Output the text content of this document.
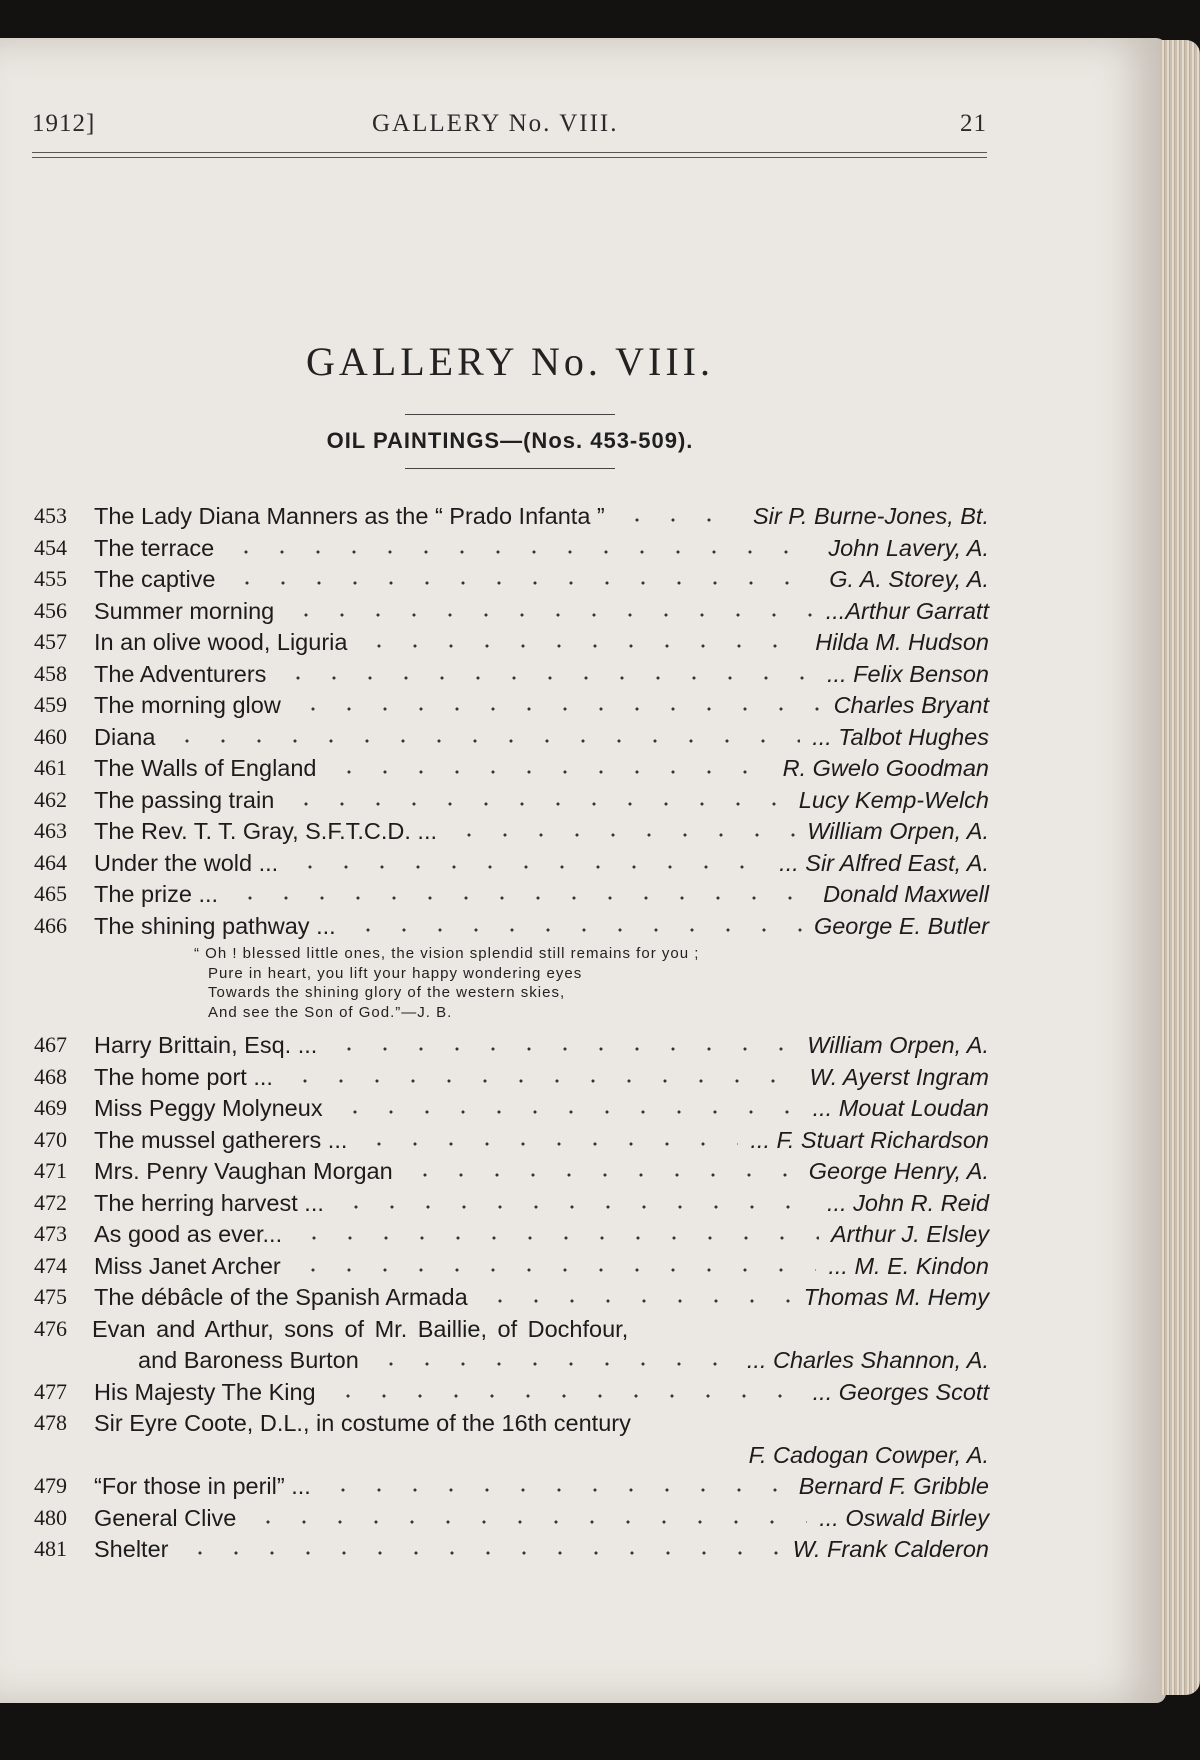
1912]	GALLERY No. VIII.	21
GALLERY No. VIII.
OIL PAINTINGS—(Nos. 453-509).
453 The Lady Diana Manners as the “ Prado Infanta ”	Sir P. Burne-Jones, Bt.
454 The terrace	John Lavery, A.
455 The captive	G. A. Storey, A.
456 Summer morning	...Arthur Garratt
457 In an olive wood, Liguria	Hilda M. Hudson
458 The Adventurers	... Felix Benson
459 The morning glow	Charles Bryant
460 Diana	... Talbot Hughes
461 The Walls of England	R. Gwelo Goodman
462 The passing train	Lucy Kemp-Welch
463 The Rev. T. T. Gray, S.F.T.C.D. ...	William Orpen, A.
464 Under the wold ...	... Sir Alfred East, A.
465 The prize ...	Donald Maxwell
466 The shining pathway ...	George E. Butler
“ Oh ! blessed little ones, the vision splendid still remains for you ;
Pure in heart, you lift your happy wondering eyes
Towards the shining glory of the western skies,
And see the Son of God.”—J. B.
467 Harry Brittain, Esq. ...	William Orpen, A.
468 The home port ...	W. Ayerst Ingram
469 Miss Peggy Molyneux	... Mouat Loudan
470 The mussel gatherers ...	... F. Stuart Richardson
471 Mrs. Penry Vaughan Morgan	George Henry, A.
472 The herring harvest ...	... John R. Reid
473 As good as ever...	Arthur J. Elsley
474 Miss Janet Archer	... M. E. Kindon
475 The débâcle of the Spanish Armada	Thomas M. Hemy
476 Evan and Arthur, sons of Mr. Baillie, of Dochfour,
and Baroness Burton	... Charles Shannon, A.
477 His Majesty The King	... Georges Scott
478 Sir Eyre Coote, D.L., in costume of the 16th century
F. Cadogan Cowper, A.
479 “For those in peril” ...	Bernard F. Gribble
480 General Clive	... Oswald Birley
481 Shelter	W. Frank Calderon
